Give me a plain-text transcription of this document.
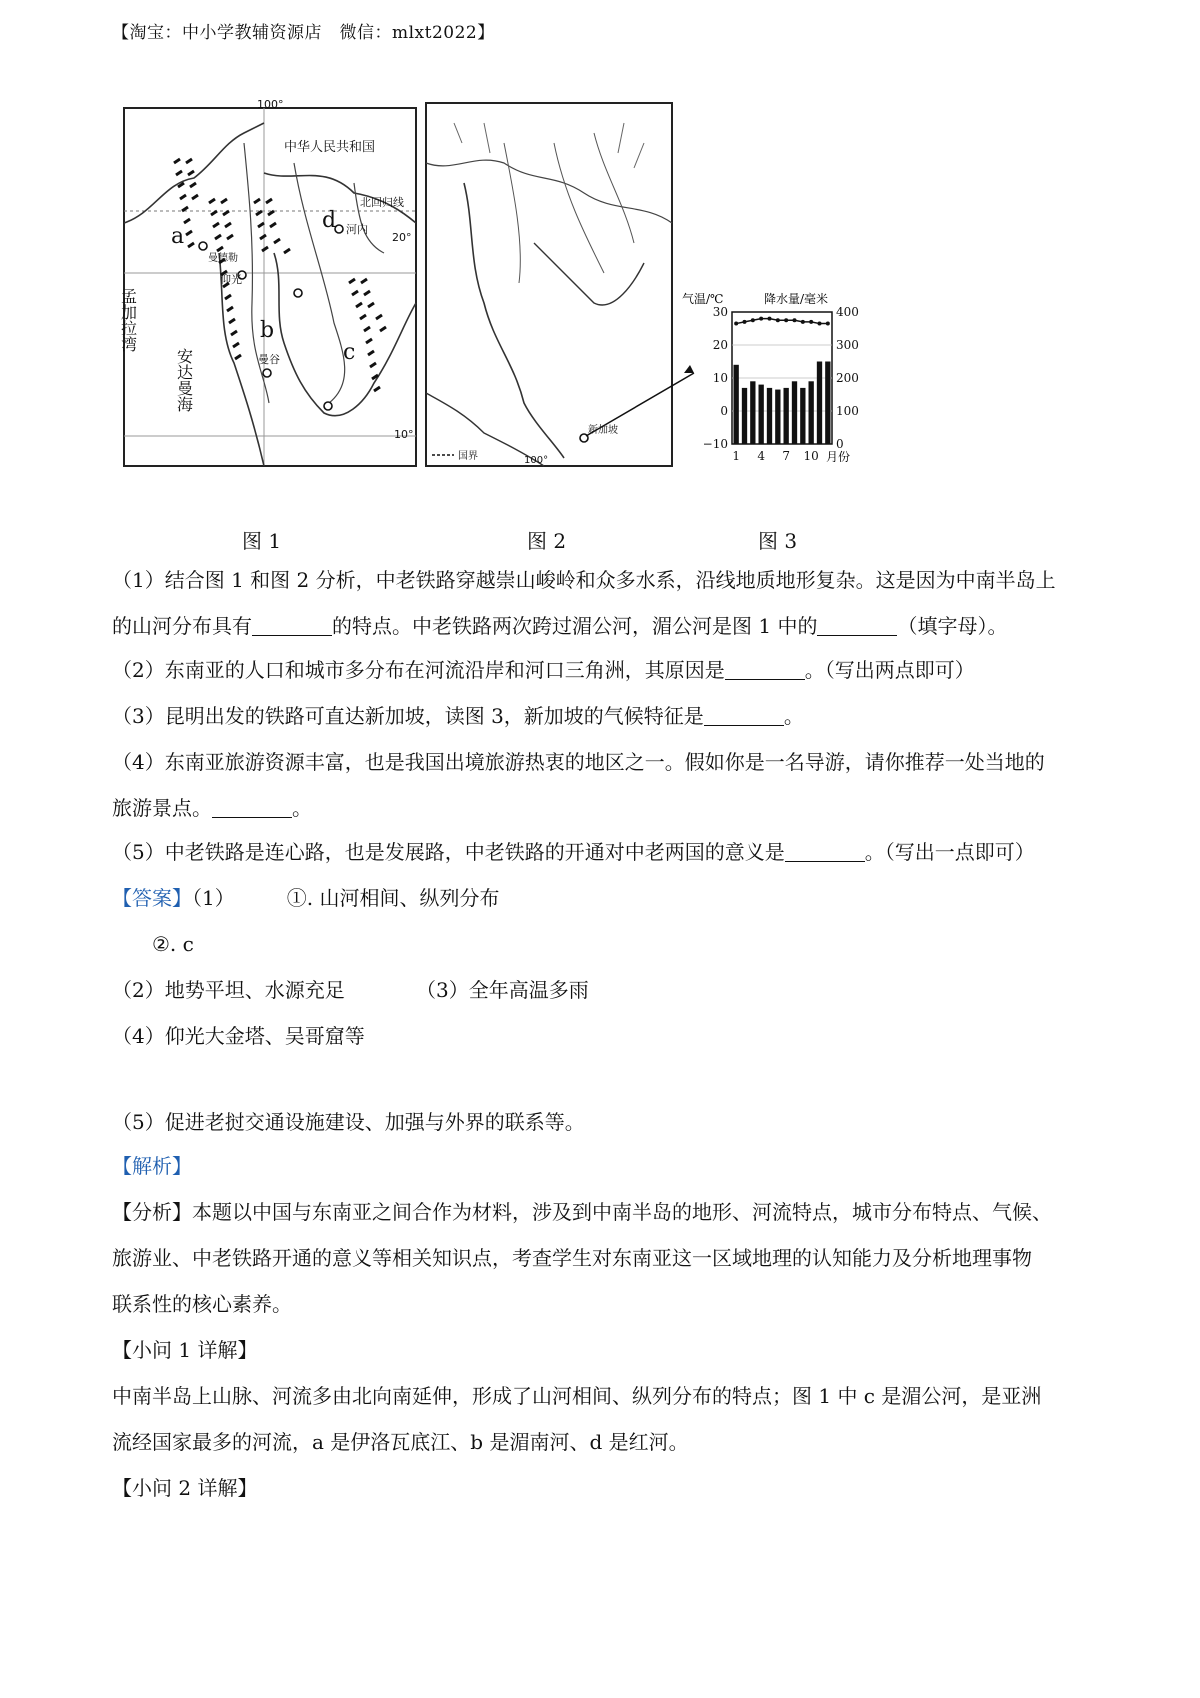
【淘宝：中小学教辅资源店　微信：mlxt2022】
100°
中华人民共和国
北回归线
20°
10°
河内
曼德勒
仰光
曼谷
a
b
c
d
孟加拉湾
安达曼海
国界	100°
新加坡
气温/℃	降水量/毫米
30
20
10
0
−10
400
300
200
100
0
1 4 7 10 月份
图 1	图 2	图 3
（1）结合图 1 和图 2 分析，中老铁路穿越崇山峻岭和众多水系，沿线地质地形复杂。这是因为中南半岛上
的山河分布具有	的特点。中老铁路两次跨过湄公河，湄公河是图 1 中的	（填字母）。
（2）东南亚的人口和城市多分布在河流沿岸和河口三角洲，其原因是	。（写出两点即可）
（3）昆明出发的铁路可直达新加坡，读图 3，新加坡的气候特征是	。
（4）东南亚旅游资源丰富，也是我国出境旅游热衷的地区之一。假如你是一名导游，请你推荐一处当地的
旅游景点。	。
（5）中老铁路是连心路，也是发展路，中老铁路的开通对中老两国的意义是	。（写出一点即可）
【答案】（1）	①. 山河相间、纵列分布
②. c
（2）地势平坦、水源充足	（3）全年高温多雨
（4）仰光大金塔、吴哥窟等
（5）促进老挝交通设施建设、加强与外界的联系等。
【解析】
【分析】本题以中国与东南亚之间合作为材料，涉及到中南半岛的地形、河流特点，城市分布特点、气候、
旅游业、中老铁路开通的意义等相关知识点，考查学生对东南亚这一区域地理的认知能力及分析地理事物
联系性的核心素养。
【小问 1 详解】
中南半岛上山脉、河流多由北向南延伸，形成了山河相间、纵列分布的特点；图 1 中 c 是湄公河，是亚洲
流经国家最多的河流，a 是伊洛瓦底江、b 是湄南河、d 是红河。
【小问 2 详解】
